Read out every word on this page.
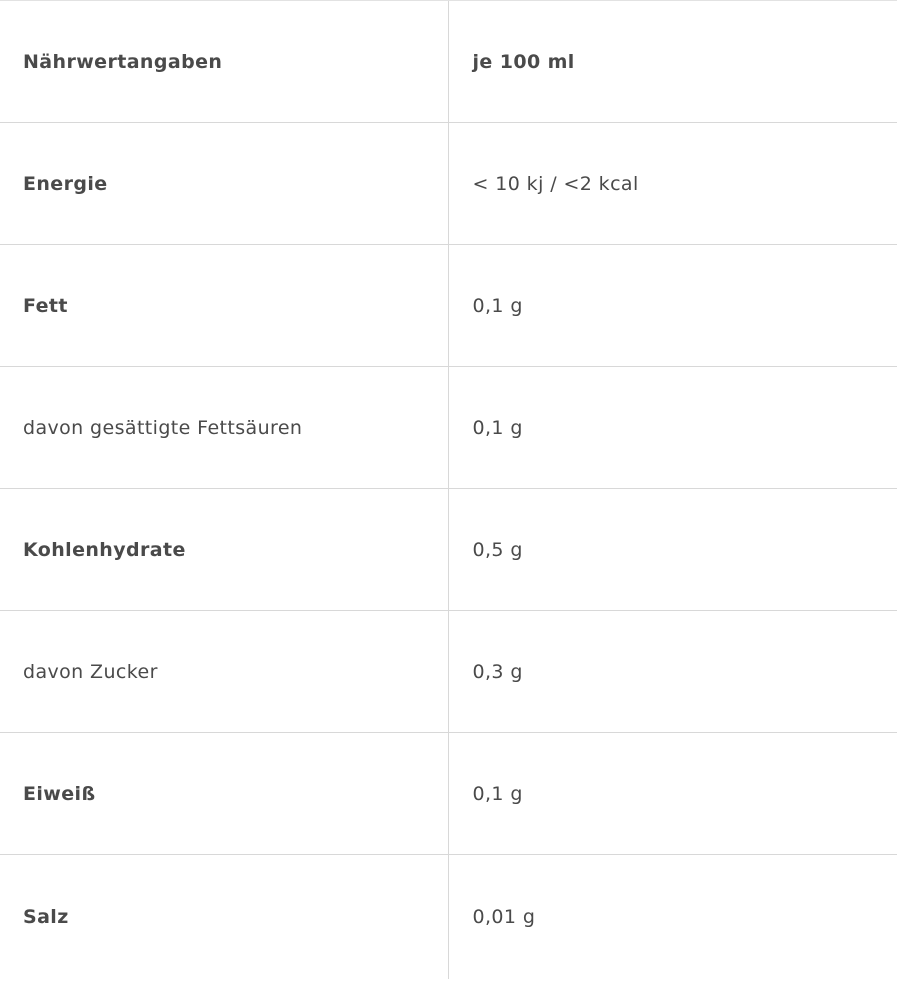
Nährwertangaben	je 100 ml
Energie	< 10 kj / <2 kcal
Fett	0,1 g
davon gesättigte Fettsäuren	0,1 g
Kohlenhydrate	0,5 g
davon Zucker	0,3 g
Eiweiß	0,1 g
Salz	0,01 g
